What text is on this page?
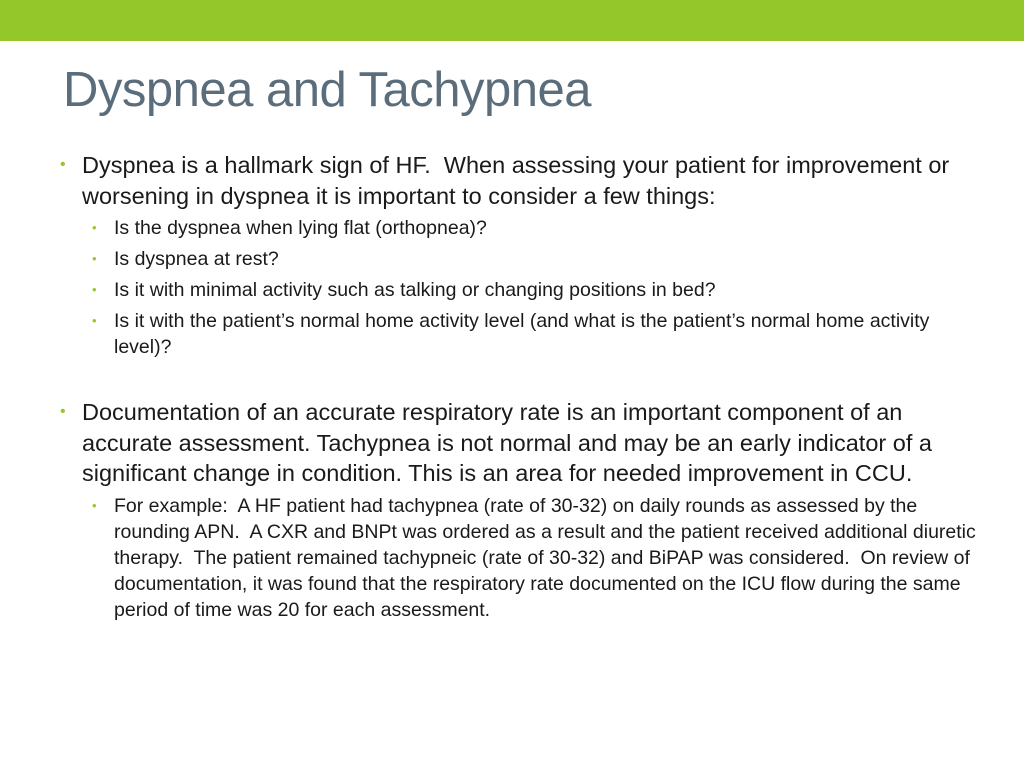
Dyspnea and Tachypnea
• Dyspnea is a hallmark sign of HF.  When assessing your patient for improvement or worsening in dyspnea it is important to consider a few things:
• Is the dyspnea when lying flat (orthopnea)?
• Is dyspnea at rest?
• Is it with minimal activity such as talking or changing positions in bed?
• Is it with the patient’s normal home activity level (and what is the patient’s normal home activity level)?
• Documentation of an accurate respiratory rate is an important component of an accurate assessment. Tachypnea is not normal and may be an early indicator of a significant change in condition. This is an area for needed improvement in CCU.
• For example:  A HF patient had tachypnea (rate of 30-32) on daily rounds as assessed by the rounding APN.  A CXR and BNPt was ordered as a result and the patient received additional diuretic therapy.  The patient remained tachypneic (rate of 30-32) and BiPAP was considered.  On review of documentation, it was found that the respiratory rate documented on the ICU flow during the same period of time was 20 for each assessment.
